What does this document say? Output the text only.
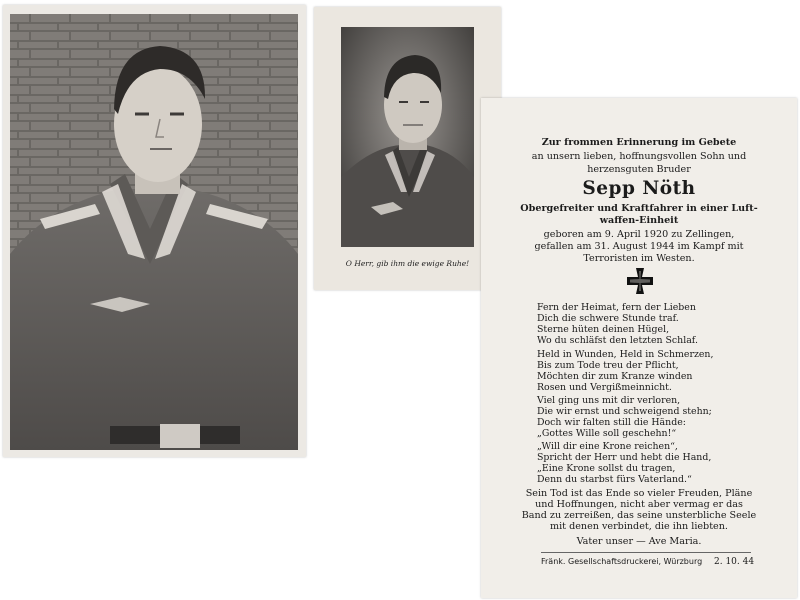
O Herr, gib ihm die ewige Ruhe!
Zur frommen Erinnerung im Gebete
an unsern lieben, hoffnungsvollen Sohn und
herzensguten Bruder
Sepp Nöth
Obergefreiter und Kraftfahrer in einer Luft-
waffen-Einheit
geboren am 9. April 1920 zu Zellingen,
gefallen am 31. August 1944 im Kampf mit
Terroristen im Westen.
Fern der Heimat, fern der Lieben
Dich die schwere Stunde traf.
Sterne hüten deinen Hügel,
Wo du schläfst den letzten Schlaf.
Held in Wunden, Held in Schmerzen,
Bis zum Tode treu der Pflicht,
Möchten dir zum Kranze winden
Rosen und Vergißmeinnicht.
Viel ging uns mit dir verloren,
Die wir ernst und schweigend stehn;
Doch wir falten still die Hände:
„Gottes Wille soll geschehn!“
„Will dir eine Krone reichen“,
Spricht der Herr und hebt die Hand,
„Eine Krone sollst du tragen,
Denn du starbst fürs Vaterland.“
Sein Tod ist das Ende so vieler Freuden, Pläne
und Hoffnungen, nicht aber vermag er das
Band zu zerreißen, das seine unsterbliche Seele
mit denen verbindet, die ihn liebten.
Vater unser — Ave Maria.
Fränk. Gesellschaftsdruckerei, Würzburg 2. 10. 44
